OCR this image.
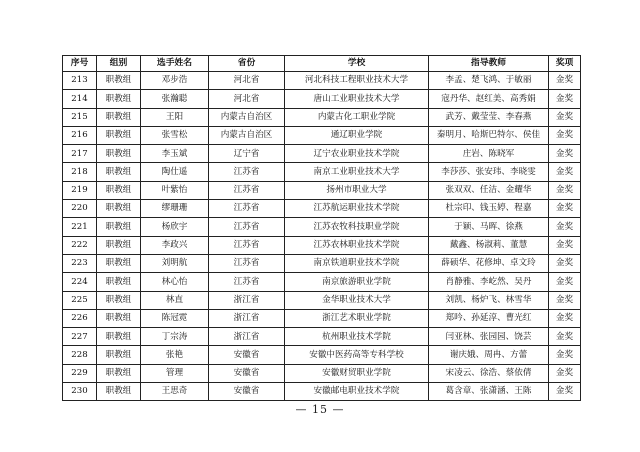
序号	组别	选手姓名	省份	学校	指导教师	奖项
213	职教组	邓步浩	河北省	河北科技工程职业技术大学	李孟、楚飞鸿、于敏丽	金奖
214	职教组	张瀚聪	河北省	唐山工业职业技术大学	寇丹华、赵红美、高秀娟	金奖
215	职教组	王阳	内蒙古自治区	内蒙古化工职业学院	武芳、戴莹莹、李春燕	金奖
216	职教组	张雪松	内蒙古自治区	通辽职业学院	秦明月、哈斯巴特尔、侯佳	金奖
217	职教组	李玉斌	辽宁省	辽宁农业职业技术学院	庄岩、陈晓军	金奖
218	职教组	陶仕遥	江苏省	南京工业职业技术大学	李莎莎、张安玮、李晓雯	金奖
219	职教组	叶紫怡	江苏省	扬州市职业大学	张双双、任洁、金耀华	金奖
220	职教组	缪珊珊	江苏省	江苏航运职业技术学院	杜宗印、钱玉婷、程嘉	金奖
221	职教组	杨欣宇	江苏省	江苏农牧科技职业学院	于颖、马晖、徐燕	金奖
222	职教组	李政兴	江苏省	江苏农林职业技术学院	戴鑫、杨淑莉、董慧	金奖
223	职教组	刘明航	江苏省	南京铁道职业技术学院	薛硕华、花修坤、卓文玲	金奖
224	职教组	林心怡	江苏省	南京旅游职业学院	肖静雅、李屹然、吴丹	金奖
225	职教组	林直	浙江省	金华职业技术大学	刘凯、杨炉飞、林雪华	金奖
226	职教组	陈冠霓	浙江省	浙江艺术职业学院	郑吟、孙延淳、曹光红	金奖
227	职教组	丁宗涛	浙江省	杭州职业技术学院	闫亚林、张园园、饶芸	金奖
228	职教组	张艳	安徽省	安徽中医药高等专科学校	谢庆娥、周冉、方蕾	金奖
229	职教组	管理	安徽省	安徽财贸职业学院	宋凌云、徐浩、蔡依倩	金奖
230	职教组	王思奇	安徽省	安徽邮电职业技术学院	葛含章、张潇涵、王陈	金奖
— 15 —
